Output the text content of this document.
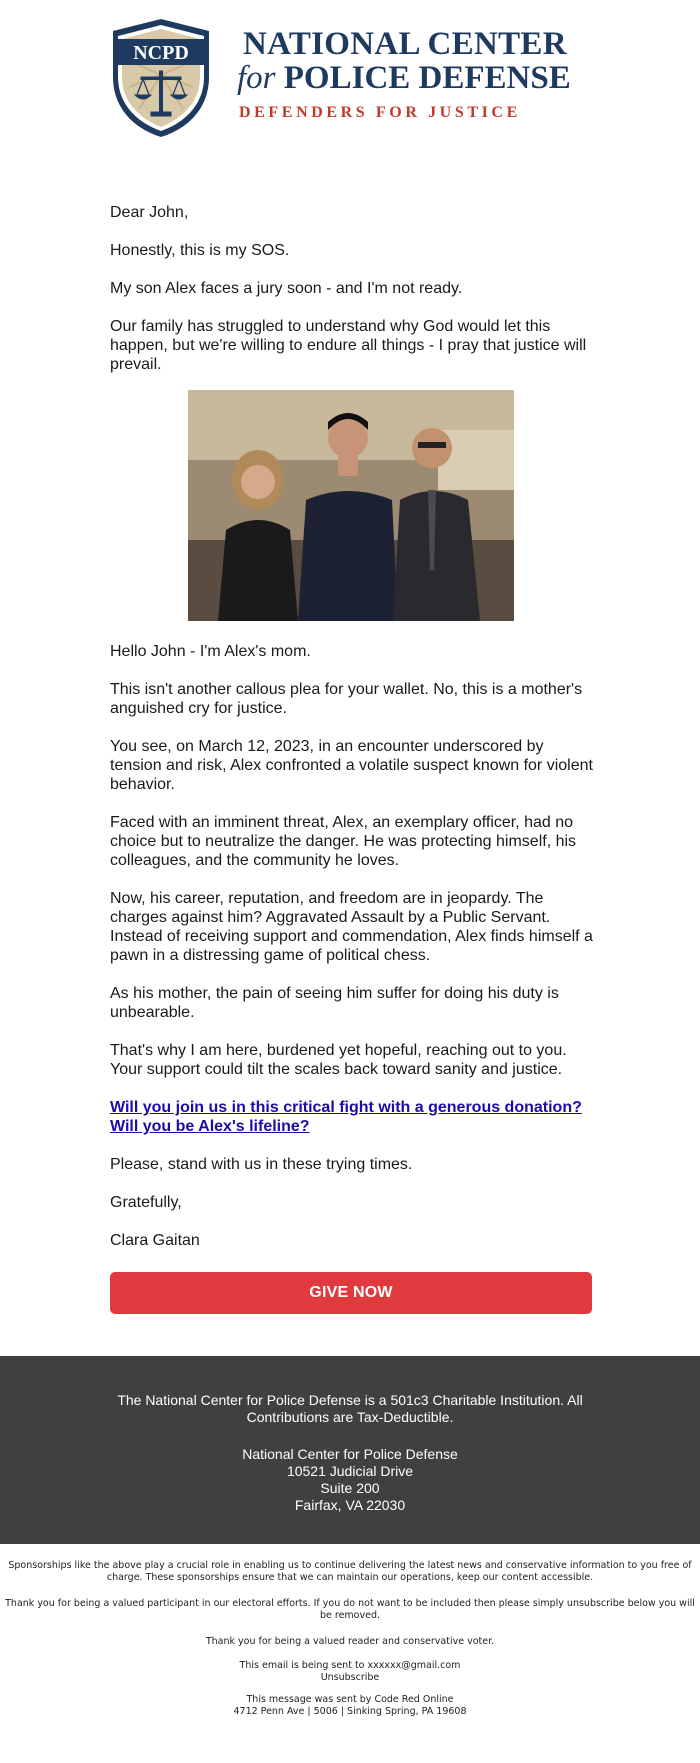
NCPD NATIONAL CENTER
for POLICE DEFENSE
DEFENDERS FOR JUSTICE

Dear John,

Honestly, this is my SOS.

My son Alex faces a jury soon - and I'm not ready.

Our family has struggled to understand why God would let this happen, but we're willing to endure all things - I pray that justice will prevail.

Hello John - I'm Alex's mom.

This isn't another callous plea for your wallet. No, this is a mother's anguished cry for justice.

You see, on March 12, 2023, in an encounter underscored by tension and risk, Alex confronted a volatile suspect known for violent behavior.

Faced with an imminent threat, Alex, an exemplary officer, had no choice but to neutralize the danger. He was protecting himself, his colleagues, and the community he loves.

Now, his career, reputation, and freedom are in jeopardy. The charges against him? Aggravated Assault by a Public Servant. Instead of receiving support and commendation, Alex finds himself a pawn in a distressing game of political chess.

As his mother, the pain of seeing him suffer for doing his duty is unbearable.

That's why I am here, burdened yet hopeful, reaching out to you. Your support could tilt the scales back toward sanity and justice.

Will you join us in this critical fight with a generous donation? Will you be Alex's lifeline?

Please, stand with us in these trying times.

Gratefully,

Clara Gaitan

GIVE NOW
The National Center for Police Defense is a 501c3 Charitable Institution. All Contributions are Tax-Deductible.
National Center for Police Defense
10521 Judicial Drive
Suite 200
Fairfax, VA 22030
Sponsorships like the above play a crucial role in enabling us to continue delivering the latest news and conservative information to you free of charge. These sponsorships ensure that we can maintain our operations, keep our content accessible.
Thank you for being a valued participant in our electoral efforts. If you do not want to be included then please simply unsubscribe below you will be removed.
Thank you for being a valued reader and conservative voter.
This email is being sent to xxxxxx@gmail.com
Unsubscribe
This message was sent by Code Red Online
4712 Penn Ave | 5006 | Sinking Spring, PA 19608
